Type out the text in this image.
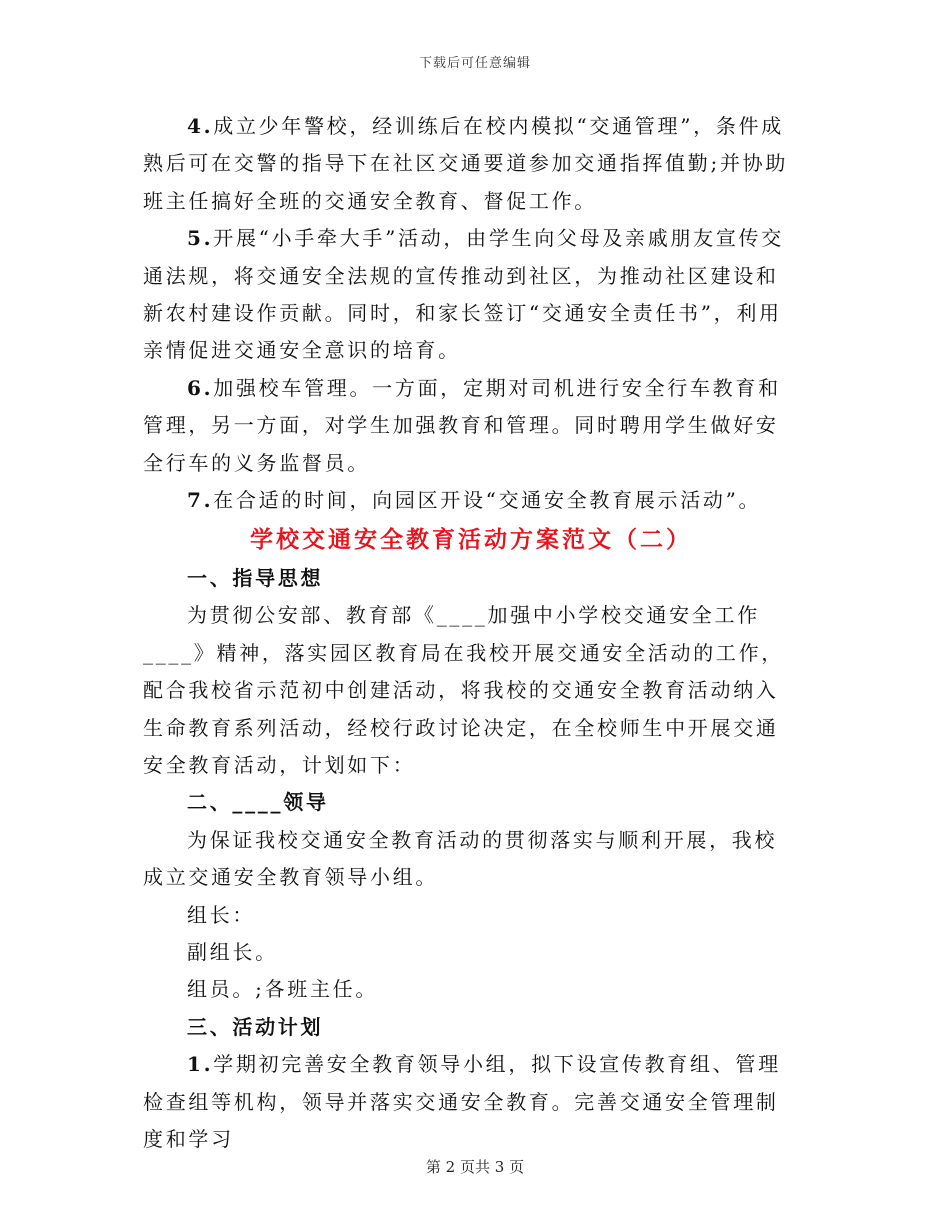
下载后可任意编辑

4.成立少年警校，经训练后在校内模拟“交通管理”，条件成熟后可在交警的指导下在社区交通要道参加交通指挥值勤;并协助班主任搞好全班的交通安全教育、督促工作。

5.开展“小手牵大手”活动，由学生向父母及亲戚朋友宣传交通法规，将交通安全法规的宣传推动到社区，为推动社区建设和新农村建设作贡献。同时，和家长签订“交通安全责任书”，利用亲情促进交通安全意识的培育。

6.加强校车管理。一方面，定期对司机进行安全行车教育和管理，另一方面，对学生加强教育和管理。同时聘用学生做好安全行车的义务监督员。

7.在合适的时间，向园区开设“交通安全教育展示活动”。

学校交通安全教育活动方案范文（二）

一、指导思想

为贯彻公安部、教育部《____加强中小学校交通安全工作____》精神，落实园区教育局在我校开展交通安全活动的工作，配合我校省示范初中创建活动，将我校的交通安全教育活动纳入生命教育系列活动，经校行政讨论决定，在全校师生中开展交通安全教育活动，计划如下：

二、____领导

为保证我校交通安全教育活动的贯彻落实与顺利开展，我校成立交通安全教育领导小组。

组长：

副组长。

组员。;各班主任。

三、活动计划

1.学期初完善安全教育领导小组，拟下设宣传教育组、管理检查组等机构，领导并落实交通安全教育。完善交通安全管理制度和学习

第 2 页共 3 页
